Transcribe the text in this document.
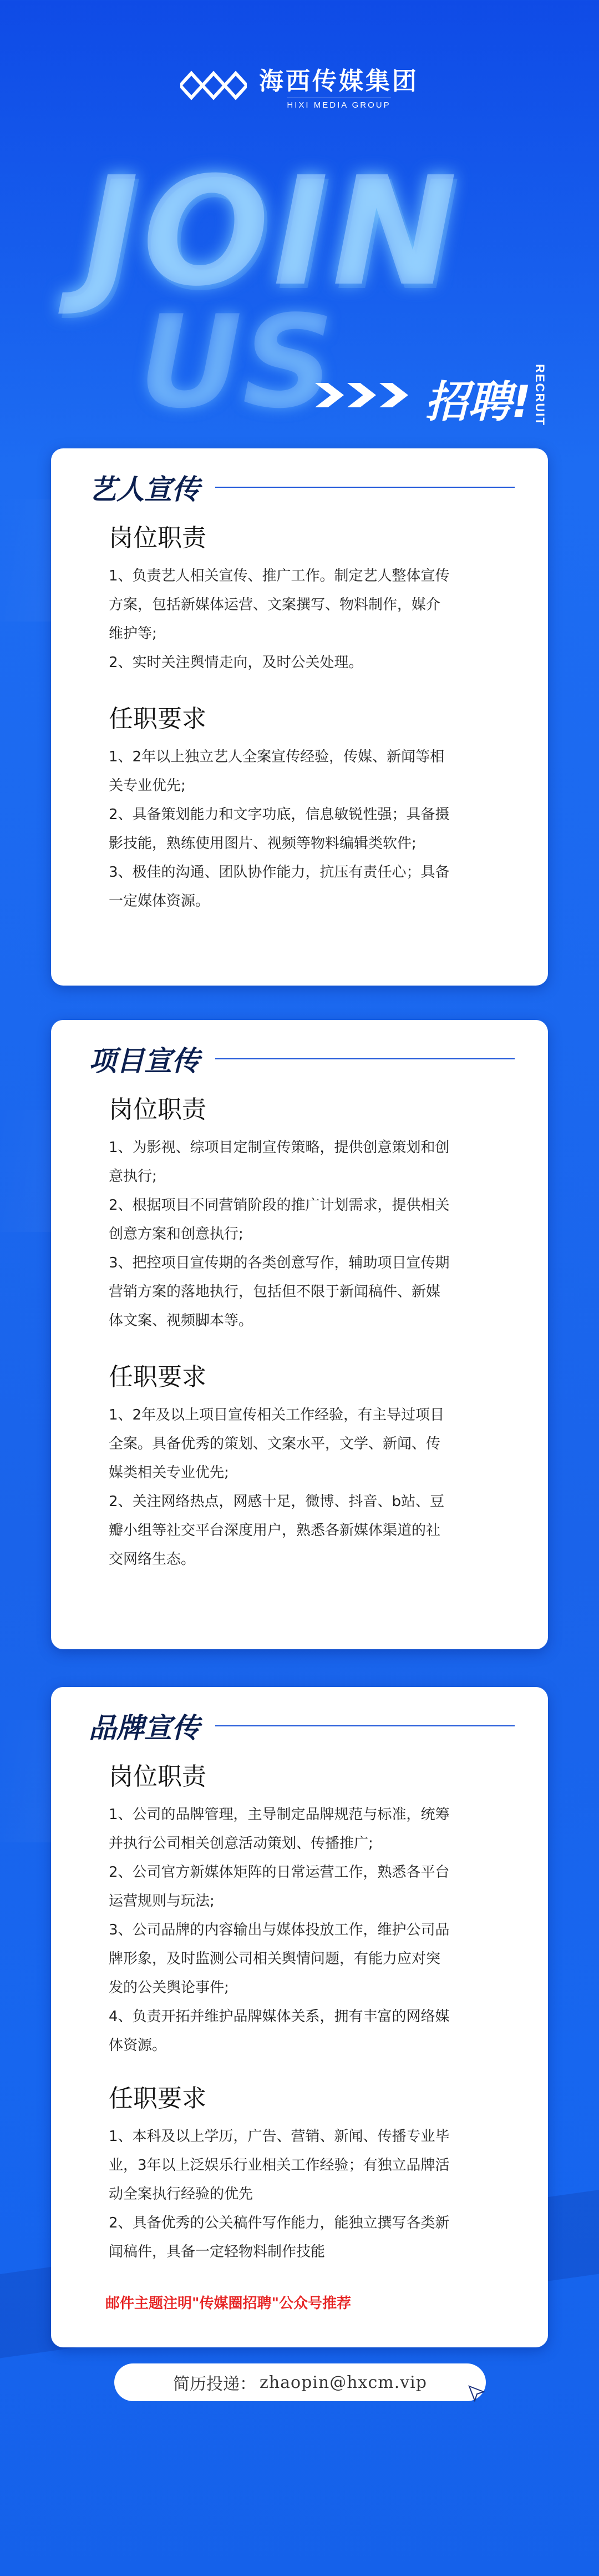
海西传媒集团
HIXI MEDIA GROUP
JOIN
US 招聘! RECRUIT
艺人宣传
岗位职责
1、负责艺人相关宣传、推广工作。制定艺人整体宣传
方案，包括新媒体运营、文案撰写、物料制作，媒介
维护等;
2、实时关注舆情走向，及时公关处理。
任职要求
1、2年以上独立艺人全案宣传经验，传媒、新闻等相
关专业优先;
2、具备策划能力和文字功底，信息敏锐性强；具备摄
影技能，熟练使用图片、视频等物料编辑类软件;
3、极佳的沟通、团队协作能力，抗压有责任心；具备
一定媒体资源。
项目宣传
岗位职责
1、为影视、综项目定制宣传策略，提供创意策划和创
意执行;
2、根据项目不同营销阶段的推广计划需求，提供相关
创意方案和创意执行;
3、把控项目宣传期的各类创意写作，辅助项目宣传期
营销方案的落地执行，包括但不限于新闻稿件、新媒
体文案、视频脚本等。
任职要求
1、2年及以上项目宣传相关工作经验，有主导过项目
全案。具备优秀的策划、文案水平，文学、新闻、传
媒类相关专业优先;
2、关注网络热点，网感十足，微博、抖音、b站、豆
瓣小组等社交平台深度用户，熟悉各新媒体渠道的社
交网络生态。
品牌宣传
岗位职责
1、公司的品牌管理，主导制定品牌规范与标准，统筹
并执行公司相关创意活动策划、传播推广;
2、公司官方新媒体矩阵的日常运营工作，熟悉各平台
运营规则与玩法;
3、公司品牌的内容输出与媒体投放工作，维护公司品
牌形象，及时监测公司相关舆情问题，有能力应对突
发的公关舆论事件;
4、负责开拓并维护品牌媒体关系，拥有丰富的网络媒
体资源。
任职要求
1、本科及以上学历，广告、营销、新闻、传播专业毕
业，3年以上泛娱乐行业相关工作经验；有独立品牌活
动全案执行经验的优先
2、具备优秀的公关稿件写作能力，能独立撰写各类新
闻稿件，具备一定轻物料制作技能
邮件主题注明"传媒圈招聘"公众号推荐
简历投递： zhaopin@hxcm.vip
